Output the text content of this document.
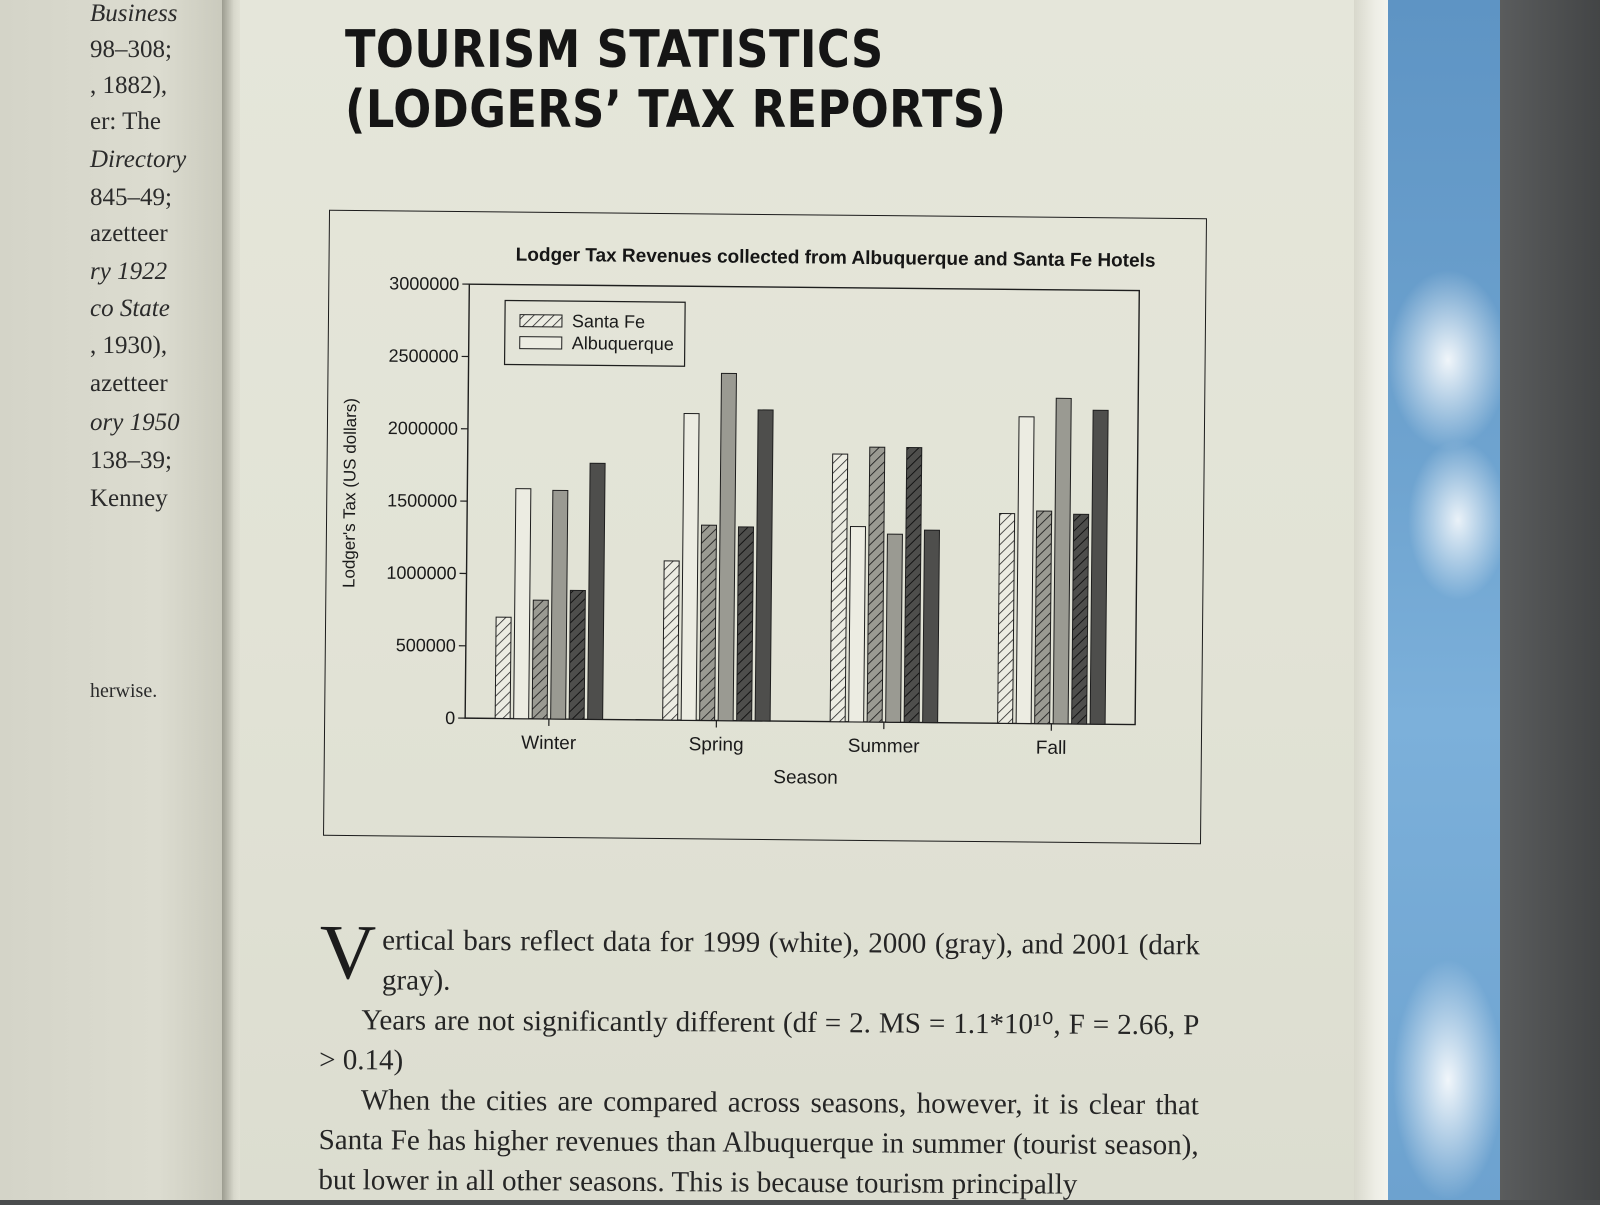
Business
98–308;
, 1882),
er: The
Directory
845–49;
azetteer
ry 1922
co State
, 1930),
azetteer
ory 1950
138–39;
Kenney
herwise.
TOURISM STATISTICS
(LODGERS’ TAX REPORTS)
Lodger Tax Revenues collected from Albuquerque and Santa Fe Hotels
0
500000
1000000
1500000
2000000
2500000
3000000
Winter	Spring	Summer	Fall
Santa Fe
Albuquerque
Season
Lodger's Tax (US dollars)

Vertical bars reflect data for 1999 (white), 2000 (gray), and 2001 (dark gray).

Years are not significantly different (df = 2. MS = 1.1*10¹⁰, F = 2.66, P > 0.14)

When the cities are compared across seasons, however, it is clear that Santa Fe has higher revenues than Albuquerque in summer (tourist season), but lower in all other seasons. This is because tourism principally
